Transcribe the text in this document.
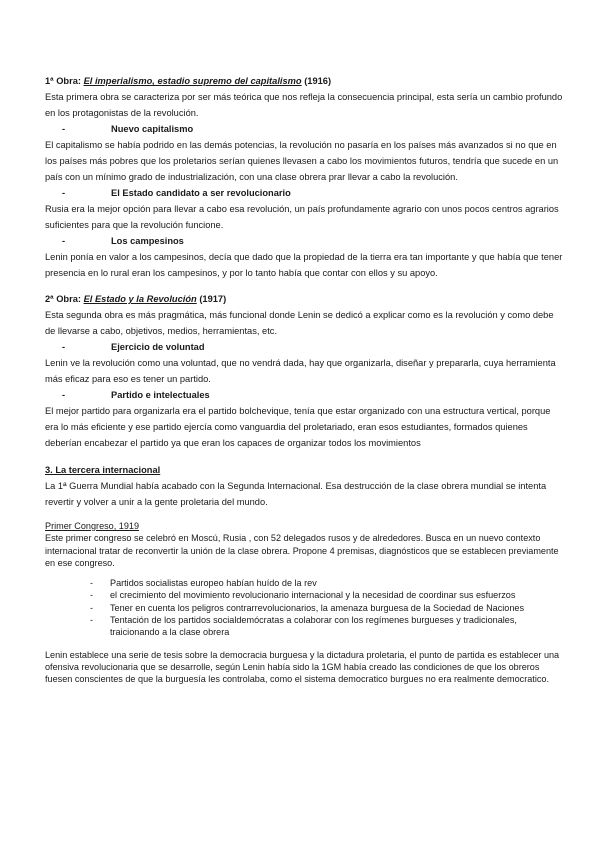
1ª Obra: El imperialismo, estadio supremo del capitalismo (1916)

Esta primera obra se caracteriza por ser más teórica que nos refleja la consecuencia principal, esta sería un cambio profundo en los protagonistas de la revolución.

-	Nuevo capitalismo

El capitalismo se había podrido en las demás potencias, la revolución no pasaría en los países más avanzados si no que en los países más pobres que los proletarios serían quienes llevasen a cabo los movimientos futuros, tendría que sucede en un país con un mínimo grado de industrialización, con una clase obrera prar llevar a cabo la revolución.

-	El Estado candidato a ser revolucionario

Rusia era la mejor opción para llevar a cabo esa revolución, un país profundamente agrario con unos pocos centros agrarios suficientes para que la revolución funcione.

-	Los campesinos

Lenin ponía en valor a los campesinos, decía que dado que la propiedad de la tierra era tan importante y que había que tener presencia en lo rural eran los campesinos, y por lo tanto había que contar con ellos y su apoyo.

2ª Obra: El Estado y la Revolución (1917)

Esta segunda obra es más pragmática, más funcional donde Lenin se dedicó a explicar como es la revolución y como debe de llevarse a cabo, objetivos, medios, herramientas, etc.

-	Ejercicio de voluntad

Lenin ve la revolución como una voluntad, que no vendrá dada, hay que organizarla, diseñar y prepararla, cuya herramienta más eficaz para eso es tener un partido.

-	Partido e intelectuales

El mejor partido para organizarla era el partido bolchevique, tenía que estar organizado con una estructura vertical, porque era lo más eficiente y ese partido ejercía como vanguardia del proletariado, eran esos estudiantes, formados quienes deberían encabezar el partido ya que eran los capaces de organizar todos los movimientos

3. La tercera internacional

La 1ª Guerra Mundial había acabado con la Segunda Internacional. Esa destrucción de la clase obrera mundial se intenta revertir y volver a unir a la gente proletaria del mundo.

Primer Congreso, 1919

Este primer congreso se celebró en Moscú, Rusia , con 52 delegados rusos y de alrededores. Busca en un nuevo contexto internacional tratar de reconvertir la unión de la clase obrera. Propone 4 premisas, diagnósticos que se establecen previamente en ese congreso.

- Partidos socialistas europeo habían huído de la rev
- el crecimiento del movimiento revolucionario internacional y la necesidad de coordinar sus esfuerzos
- Tener en cuenta los peligros contrarrevolucionarios, la amenaza burguesa de la Sociedad de Naciones
- Tentación de los partidos socialdemócratas a colaborar con los regímenes burgueses y tradicionales, traicionando a la clase obrera

Lenin establece una serie de tesis sobre la democracia burguesa y la dictadura proletaria, el punto de partida es establecer una ofensiva revolucionaria que se desarrolle, según Lenin había sido la 1GM había creado las condiciones de que los obreros fuesen conscientes de que la burguesía les controlaba, como el sistema democratico burgues no era realmente democratico.
